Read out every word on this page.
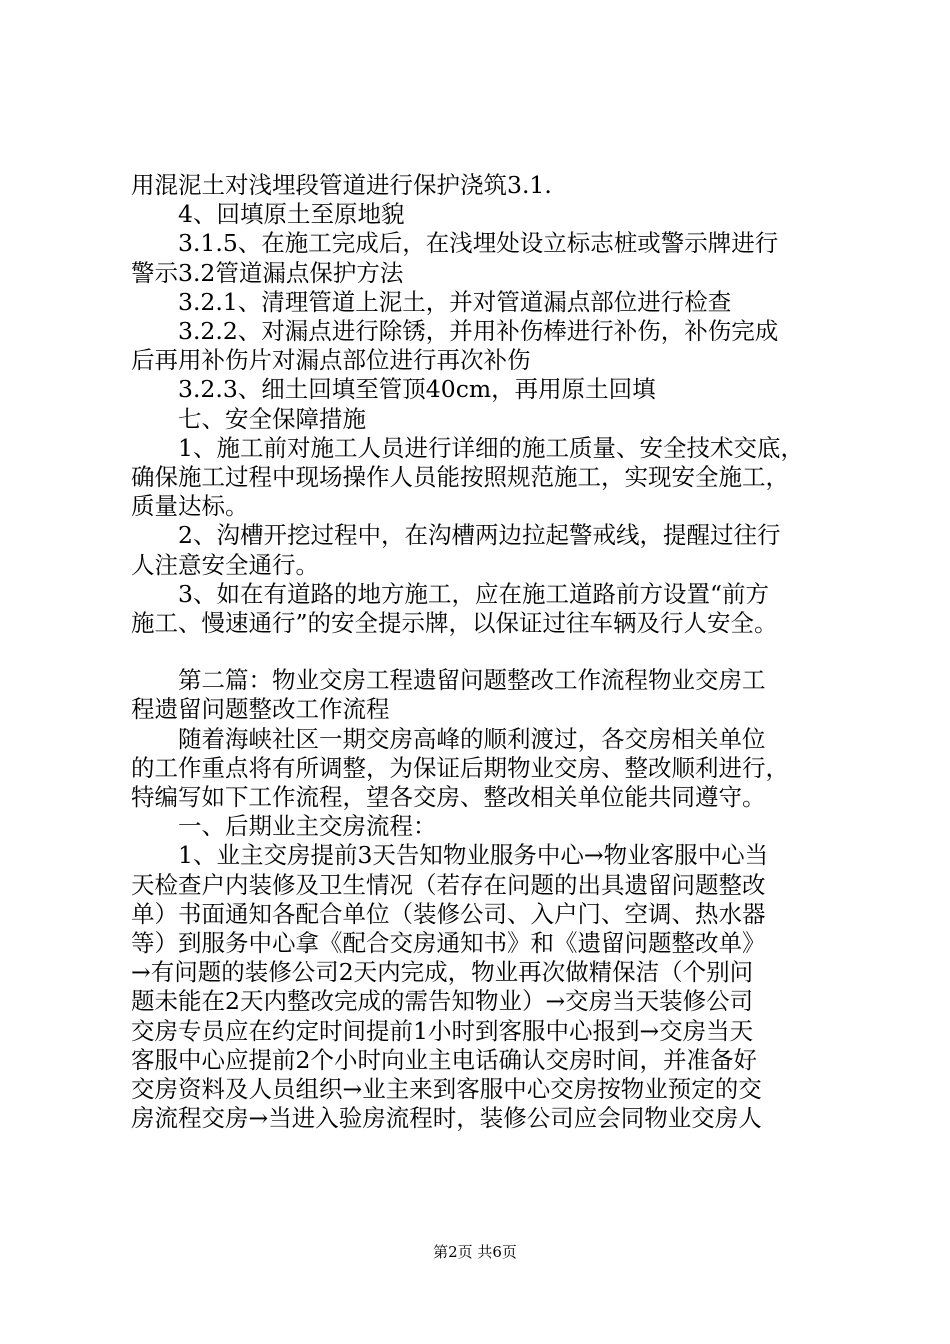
用混泥土对浅埋段管道进行保护浇筑3.1.

4、回填原土至原地貌

3.1.5、在施工完成后，在浅埋处设立标志桩或警示牌进行

警示3.2管道漏点保护方法

3.2.1、清理管道上泥土，并对管道漏点部位进行检查

3.2.2、对漏点进行除锈，并用补伤棒进行补伤，补伤完成

后再用补伤片对漏点部位进行再次补伤

3.2.3、细土回填至管顶40cm，再用原土回填

七、安全保障措施

1、施工前对施工人员进行详细的施工质量、安全技术交底，

确保施工过程中现场操作人员能按照规范施工，实现安全施工，

质量达标。

2、沟槽开挖过程中，在沟槽两边拉起警戒线，提醒过往行

人注意安全通行。

3、如在有道路的地方施工，应在施工道路前方设置“前方

施工、慢速通行”的安全提示牌，以保证过往车辆及行人安全。

第二篇：物业交房工程遗留问题整改工作流程物业交房工

程遗留问题整改工作流程

随着海峡社区一期交房高峰的顺利渡过，各交房相关单位

的工作重点将有所调整，为保证后期物业交房、整改顺利进行，

特编写如下工作流程，望各交房、整改相关单位能共同遵守。

一、后期业主交房流程：

1、业主交房提前3天告知物业服务中心→物业客服中心当

天检查户内装修及卫生情况（若存在问题的出具遗留问题整改

单）书面通知各配合单位（装修公司、入户门、空调、热水器

等）到服务中心拿《配合交房通知书》和《遗留问题整改单》

→有问题的装修公司2天内完成，物业再次做精保洁（个别问

题未能在2天内整改完成的需告知物业）→交房当天装修公司

交房专员应在约定时间提前1小时到客服中心报到→交房当天

客服中心应提前2个小时向业主电话确认交房时间，并准备好

交房资料及人员组织→业主来到客服中心交房按物业预定的交

房流程交房→当进入验房流程时，装修公司应会同物业交房人

第2页 共6页
